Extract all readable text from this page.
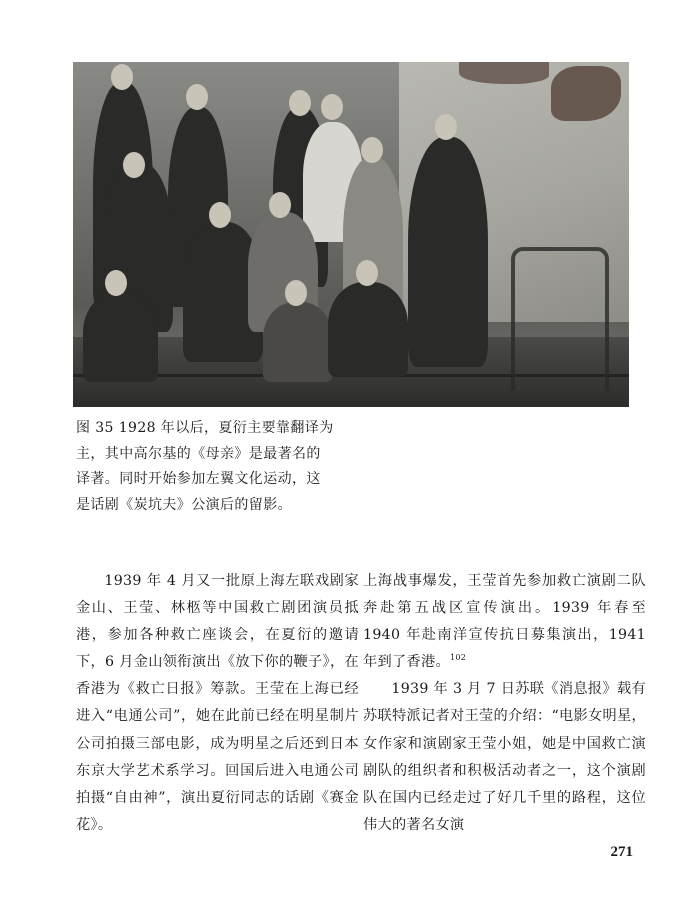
图 35 1928 年以后，夏衍主要靠翻译为

主，其中高尔基的《母亲》是最著名的

译著。同时开始参加左翼文化运动，这

是话剧《炭坑夫》公演后的留影。

1939 年 4 月又一批原上海左联戏剧家金山、王莹、林柩等中国救亡剧团演员抵港，参加各种救亡座谈会，在夏衍的邀请下，6 月金山领衔演出《放下你的鞭子》，在香港为《救亡日报》筹款。王莹在上海已经进入“电通公司”，她在此前已经在明星制片公司拍摄三部电影，成为明星之后还到日本东京大学艺术系学习。回国后进入电通公司拍摄“自由神”，演出夏衍同志的话剧《赛金花》。

上海战事爆发，王莹首先参加救亡演剧二队奔赴第五战区宣传演出。1939 年春至 1940 年赴南洋宣传抗日募集演出，1941 年到了香港。$^{102}$

1939 年 3 月 7 日苏联《消息报》载有苏联特派记者对王莹的介绍：“电影女明星，女作家和演剧家王莹小姐，她是中国救亡演剧队的组织者和积极活动者之一，这个演剧队在国内已经走过了好几千里的路程，这位伟大的著名女演

271
